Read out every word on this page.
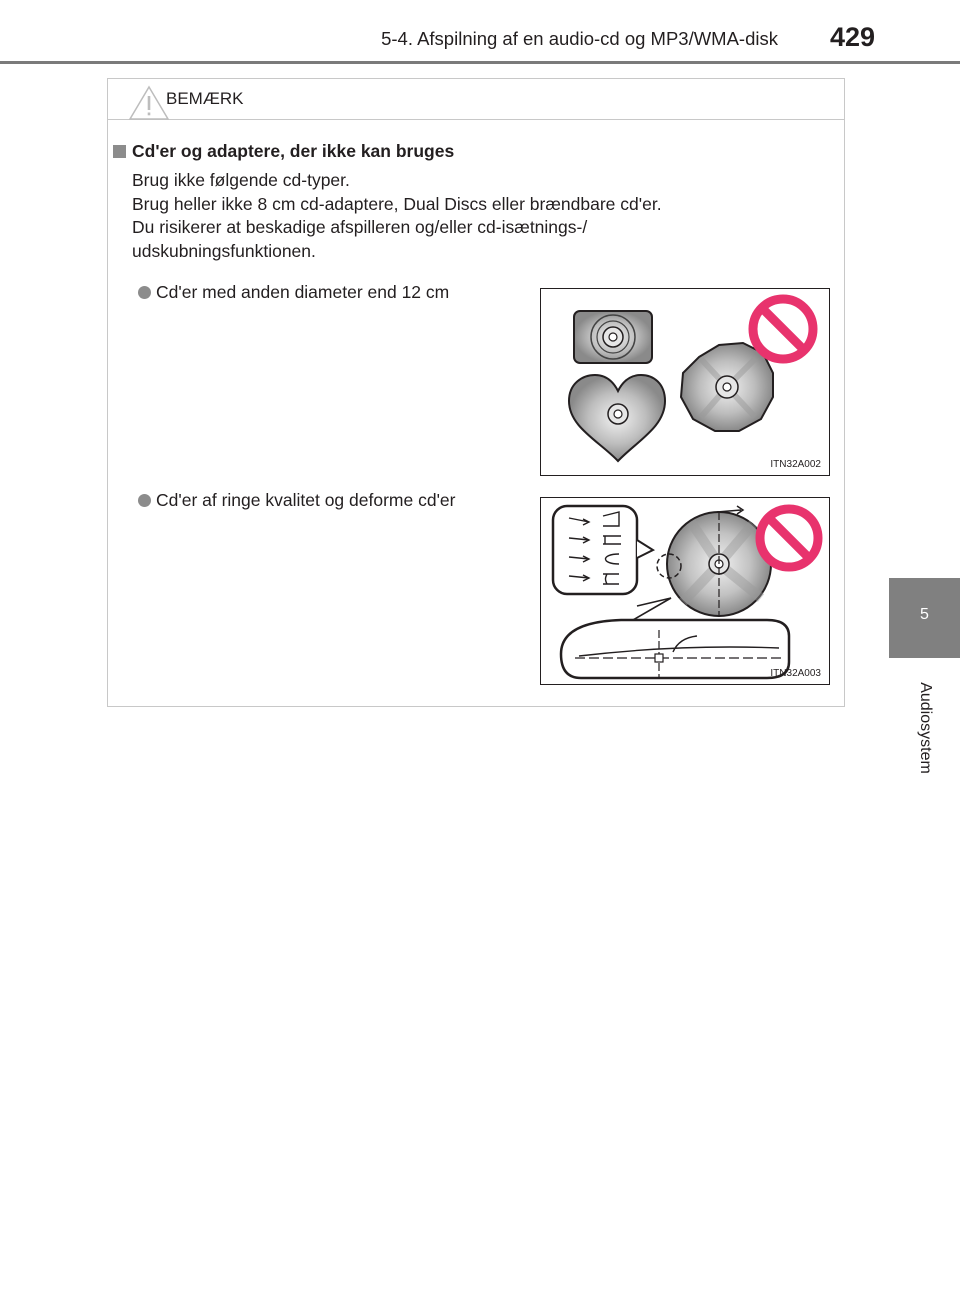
5-4. Afspilning af en audio-cd og MP3/WMA-disk 429
5
Audiosystem
BEMÆRK
Cd'er og adaptere, der ikke kan bruges
Brug ikke følgende cd-typer.
Brug heller ikke 8 cm cd-adaptere, Dual Discs eller brændbare cd'er.
Du risikerer at beskadige afspilleren og/eller cd-isætnings-/
udskubningsfunktionen.
Cd'er med anden diameter end 12 cm
ITN32A002
Cd'er af ringe kvalitet og deforme cd'er
ITN32A003
